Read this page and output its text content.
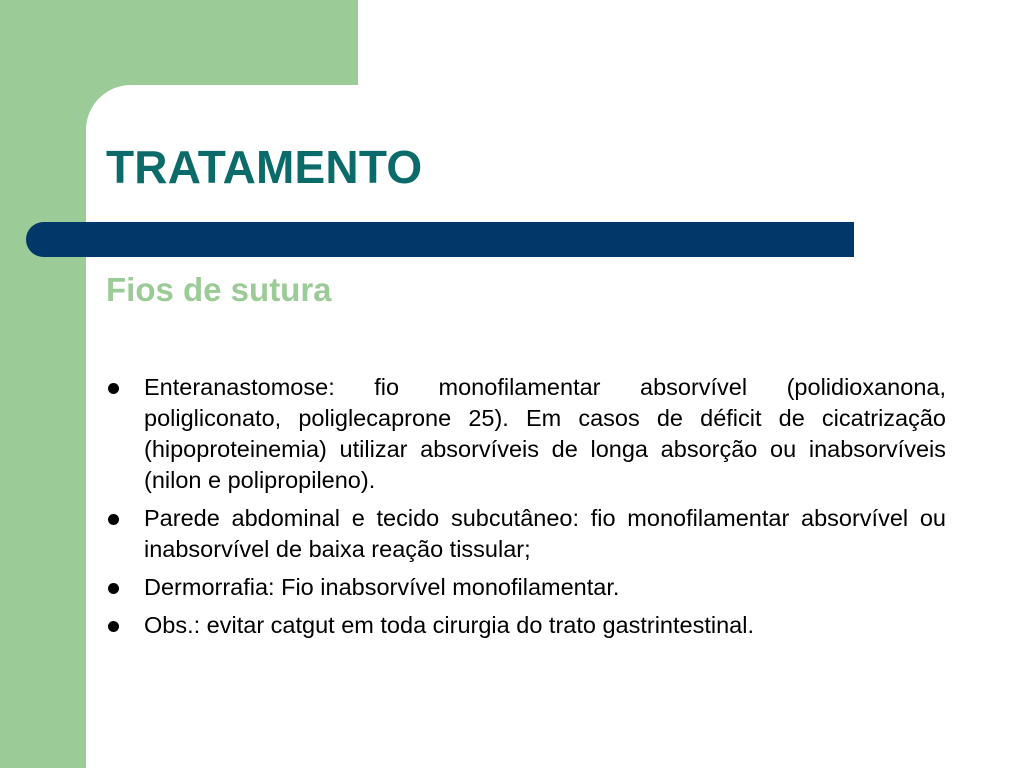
TRATAMENTO
Fios de sutura
Enteranastomose: fio monofilamentar absorvível (polidioxanona, poligliconato, poliglecaprone 25). Em casos de déficit de cicatrização (hipoproteinemia) utilizar absorvíveis de longa absorção ou inabsorvíveis (nilon e polipropileno).
Parede abdominal e tecido subcutâneo: fio monofilamentar absorvível ou inabsorvível de baixa reação tissular;
Dermorrafia: Fio inabsorvível monofilamentar.
Obs.: evitar catgut em toda cirurgia do trato gastrintestinal.
